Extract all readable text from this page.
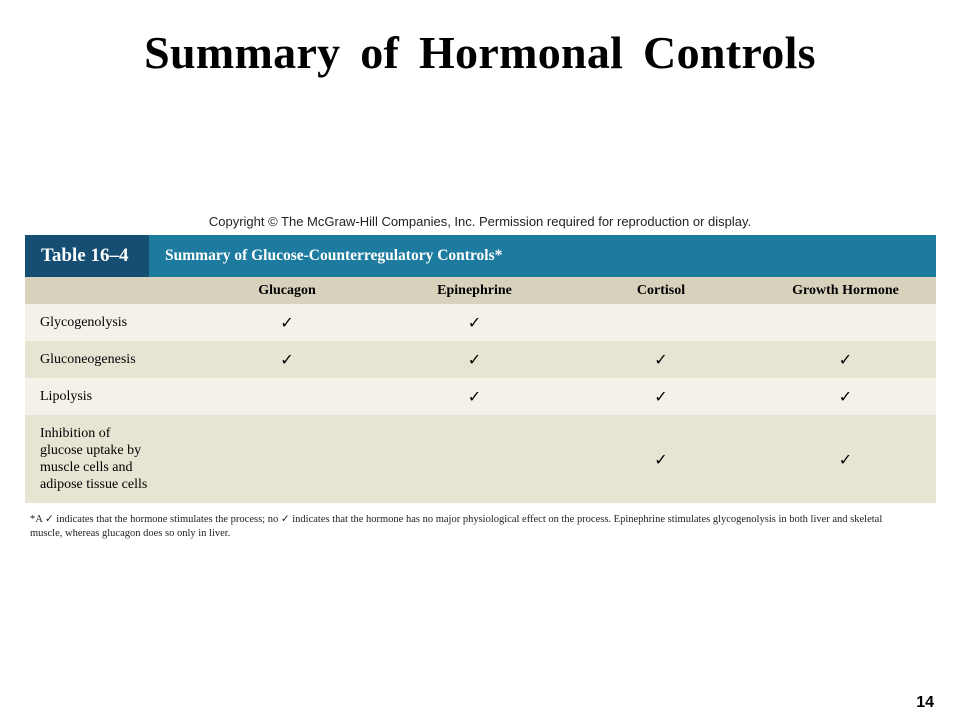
Summary of Hormonal Controls
Copyright © The McGraw-Hill Companies, Inc. Permission required for reproduction or display.
Table 16–4	Summary of Glucose-Counterregulatory Controls*
	Glucagon	Epinephrine	Cortisol	Growth Hormone
Glycogenolysis	✓	✓		
Gluconeogenesis	✓	✓	✓	✓
Lipolysis		✓	✓	✓

Inhibition of
glucose uptake by
muscle cells and
adipose tissue cells			✓	✓
*A ✓ indicates that the hormone stimulates the process; no ✓ indicates that the hormone has no major physiological effect on the process. Epinephrine stimulates glycogenolysis in both liver and skeletal
muscle, whereas glucagon does so only in liver.
14
